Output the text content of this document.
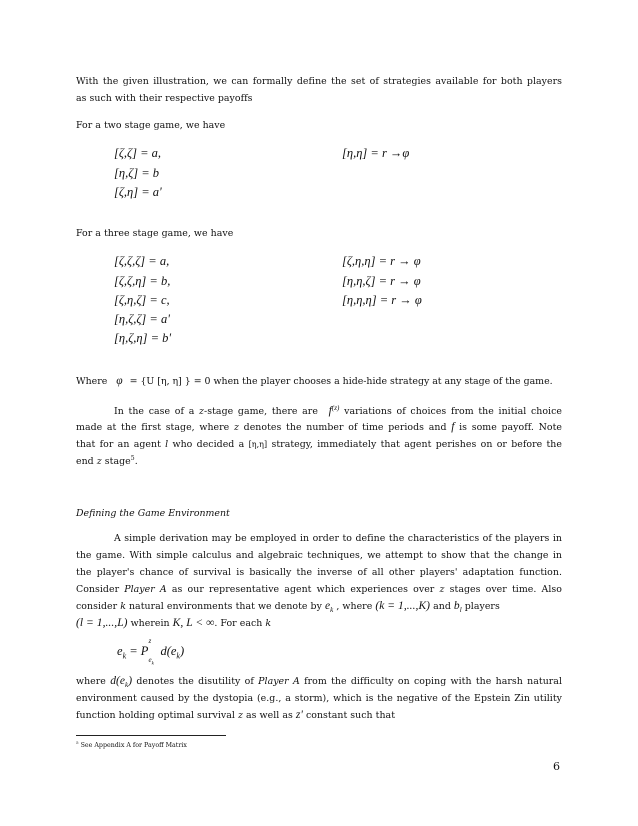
With the given illustration, we can formally define the set of strategies available for both players

as such with their respective payoffs

For a two stage game, we have

[ζ,ζ] = a,
[η,ζ] = b
[ζ,η] = a'
[η,η] = r →φ

For a three stage game, we have

[ζ,ζ,ζ] = a,
[ζ,ζ,η] = b,
[ζ,η,ζ] = c,
[η,ζ,ζ] = a'
[η,ζ,η] = b'
[ζ,η,η] = r → φ
[η,η,ζ] = r → φ
[η,η,η] = r → φ
Where φ = {U [η, η] } = 0 when the player chooses a hide-hide strategy at any stage of the game.

In the case of a z-stage game, there are $f^{(z)}$ variations of choices from the initial choice

made at the first stage, where z denotes the number of time periods and f is some payoff. Note

that for an agent l who decided a [η,η] strategy, immediately that agent perishes on or before the

end z stage$^5$.

Defining the Game Environment

A simple derivation may be employed in order to define the characteristics of the players in

the game. With simple calculus and algebraic techniques, we attempt to show that the change in

the player's chance of survival is basically the inverse of all other players' adaptation function.

Consider Player A as our representative agent which experiences over z stages over time. Also

consider k natural environments that we denote by $e_k$ , where (k = 1,...,K) and $b_l$ players

(l = 1,...,L) wherein K, L < ∞. For each k

$e_k = P$
z
$e_k$
$d(e_k)$

where $d(e_k)$ denotes the disutility of Player A from the difficulty on coping with the harsh natural

environment caused by the dystopia (e.g., a storm), which is the negative of the Epstein Zin utility

function holding optimal survival z as well as z' constant such that

$^5$ See Appendix A for Payoff Matrix
6
